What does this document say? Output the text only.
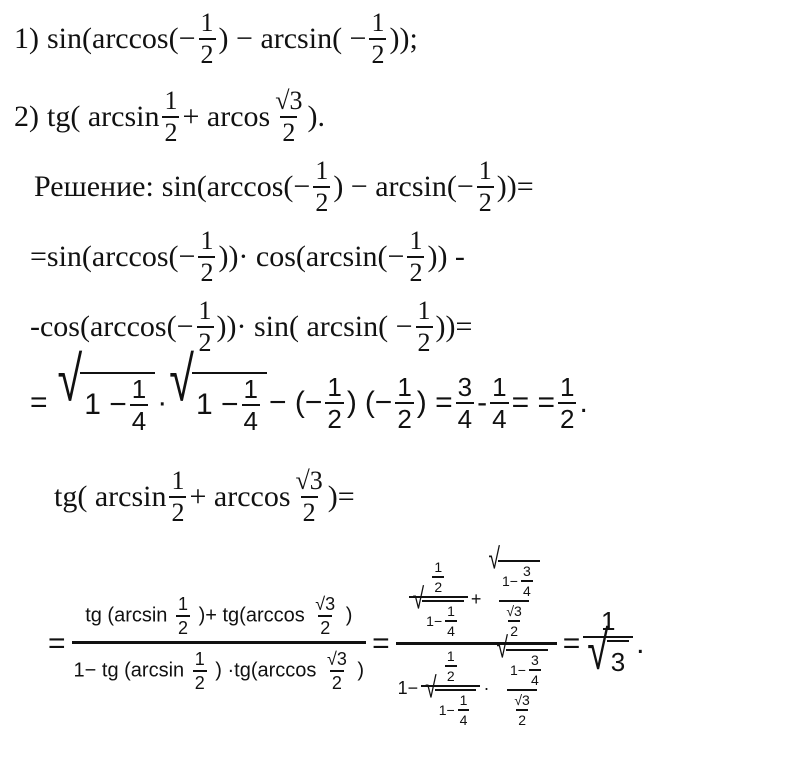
1) $\sin(\arccos(- \frac{1}{2}$ ) − $\arcsin( - \frac{1}{2}$ ));
2) tg( $\arcsin \frac{1}{2} + arcos \frac{√3}{2}$ ).
Решение: $\sin(\arccos(- \frac{1}{2}$ ) − $\arcsin(- \frac{1}{2}$ ))=
$=\sin(\arccos(- \frac{1}{2}$ ))· $\cos(\arcsin(- \frac{1}{2}$ )) -
$-\cos(\arccos(- \frac{1}{2}$ ))· sin( $\arcsin( - \frac{1}{2}$ ))=
= √ $1 - \frac{1}{4}$ · √ $1 - \frac{1}{4}$ − (− $\frac{1}{2}$ ) (− $\frac{1}{2}$ ) = $\frac{3}{4} - \frac{1}{4}$ = = $\frac{1}{2}$ .
tg( $\arcsin \frac{1}{2} + \arccos \frac{√3}{2}$ )=
= $\frac{tg (\arcsin \frac{1}{2} )+ tg(\arccos \frac{√3}{2} )}{1- tg (\arcsin \frac{1}{2} ) \cdot tg(\arccos \frac{√3}{2} )}$ =
$\frac{1}{2}$
√
$1- \frac{1}{4}$ + √
$1- \frac{3}{4}$
$\frac{√3}{2}$
$1- \frac{1}{2}$
√
$1- \frac{1}{4}$ · √
$1- \frac{3}{4}$
$\frac{√3}{2}$
= $\frac{1}{√ 3}$ .
